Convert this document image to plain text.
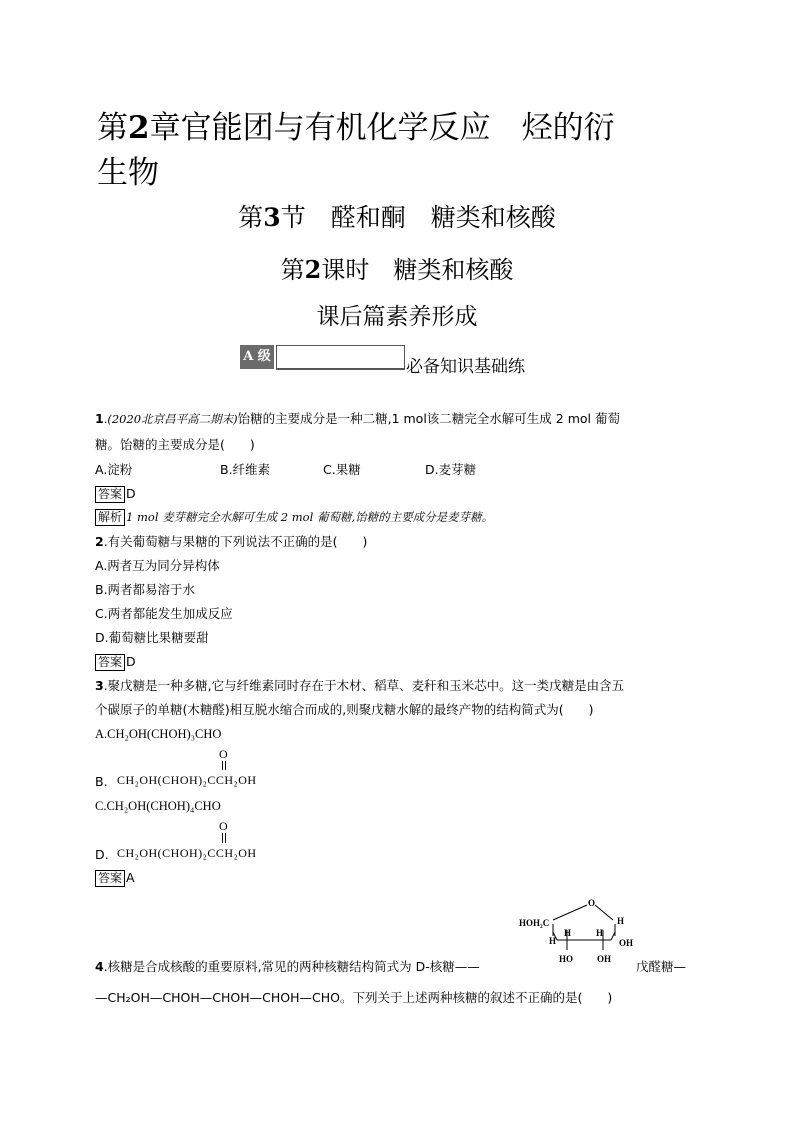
第2章官能团与有机化学反应　烃的衍
生物
第3节　醛和酮　糖类和核酸
第2课时　糖类和核酸
课后篇素养形成
A 级
必备知识基础练
1.(2020北京昌平高二期末)饴糖的主要成分是一种二糖,1 mol该二糖完全水解可生成 2 mol 葡萄
糖。饴糖的主要成分是(　　)
A.淀粉	B.纤维素	C.果糖	D.麦芽糖
答案 D
解析 1 mol 麦芽糖完全水解可生成 2 mol 葡萄糖,饴糖的主要成分是麦芽糖。
2.有关葡萄糖与果糖的下列说法不正确的是(　　)
A.两者互为同分异构体
B.两者都易溶于水
C.两者都能发生加成反应
D.葡萄糖比果糖要甜
答案 D
3.聚戊糖是一种多糖,它与纤维素同时存在于木材、稻草、麦秆和玉米芯中。这一类戊糖是由含五
个碳原子的单糖(木糖醛)相互脱水缩合而成的,则聚戊糖水解的最终产物的结构简式为(　　)
A.CH₂OH(CHOH)₃CHO
O
B. CH₂OH(CHOH)₂CCH₂OH
C.CH₂OH(CHOH)₄CHO
O
D. CH₂OH(CHOH)₂CCH₂OH
答案 A
O
HOH₂C
H
H
OH
H	H
HO	OH
4.核糖是合成核酸的重要原料,常见的两种核糖结构简式为 D-核糖——	戊醛糖—
—CH₂OH—CHOH—CHOH—CHOH—CHO。下列关于上述两种核糖的叙述不正确的是(　　)
